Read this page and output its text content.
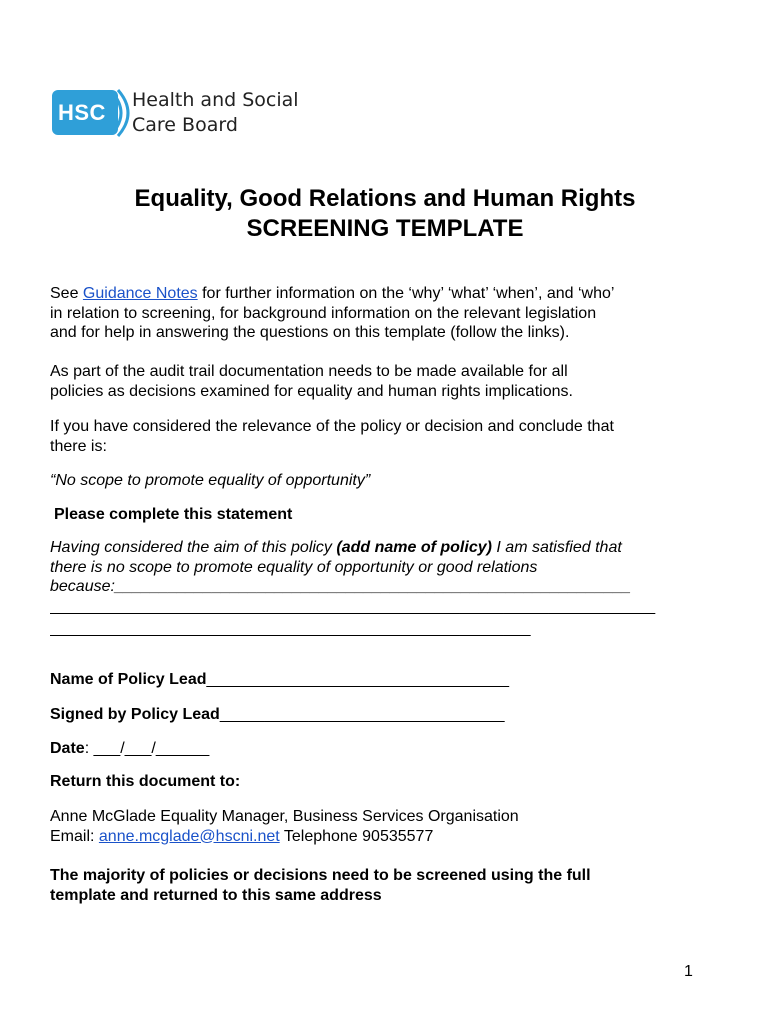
HSC	Health and Social
Care Board
Equality, Good Relations and Human Rights
SCREENING TEMPLATE
See Guidance Notes for further information on the ‘why’ ‘what’ ‘when’, and ‘who’
in relation to screening, for background information on the relevant legislation
and for help in answering the questions on this template (follow the links).
As part of the audit trail documentation needs to be made available for all
policies as decisions examined for equality and human rights implications.
If you have considered the relevance of the policy or decision and conclude that
there is:
“No scope to promote equality of opportunity”
Please complete this statement
Having considered the aim of this policy (add name of policy) I am satisfied that
there is no scope to promote equality of opportunity or good relations
because:__________________________________________________________
____________________________________________________________________
______________________________________________________
Name of Policy Lead__________________________________
Signed by Policy Lead________________________________
Date: ___/___/______
Return this document to:
Anne McGlade Equality Manager, Business Services Organisation
Email: anne.mcglade@hscni.net Telephone 90535577
The majority of policies or decisions need to be screened using the full
template and returned to this same address
1
